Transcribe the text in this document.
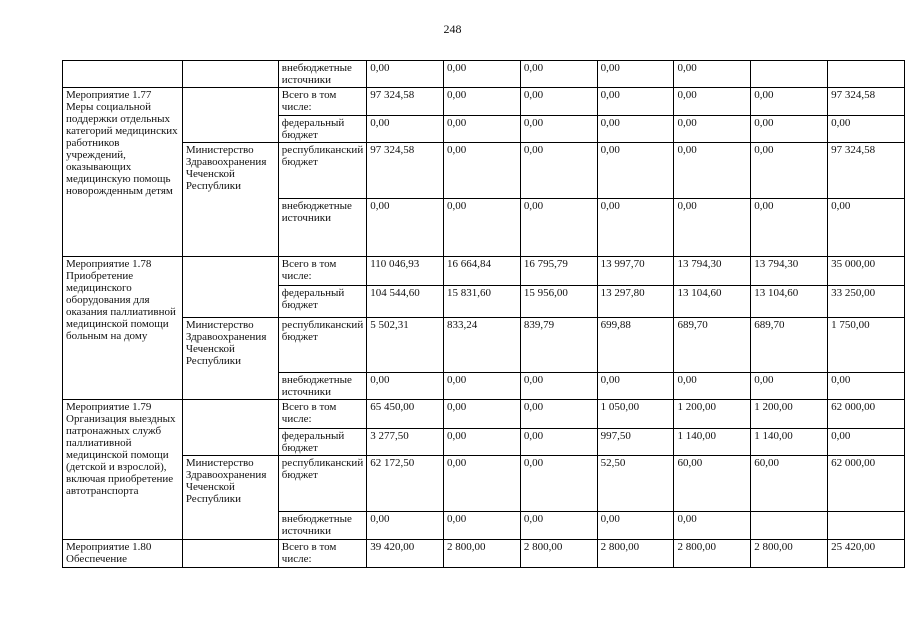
248
		внебюджетные источники	0,00	0,00	0,00	0,00	0,00		
Мероприятие 1.77 Меры социальной поддержки отдельных категорий медицинских работников учреждений, оказывающих медицинскую помощь новорожденным детям		Всего в том числе:	97 324,58	0,00	0,00	0,00	0,00	0,00	97 324,58
		федеральный бюджет	0,00	0,00	0,00	0,00	0,00	0,00	0,00
	Министерство Здравоохранения Чеченской Республики	республиканский бюджет	97 324,58	0,00	0,00	0,00	0,00	0,00	97 324,58
		внебюджетные источники	0,00	0,00	0,00	0,00	0,00	0,00	0,00
Мероприятие 1.78 Приобретение медицинского оборудования для оказания паллиативной медицинской помощи больным на дому		Всего в том числе:	110 046,93	16 664,84	16 795,79	13 997,70	13 794,30	13 794,30	35 000,00
		федеральный бюджет	104 544,60	15 831,60	15 956,00	13 297,80	13 104,60	13 104,60	33 250,00
	Министерство Здравоохранения Чеченской Республики	республиканский бюджет	5 502,31	833,24	839,79	699,88	689,70	689,70	1 750,00
		внебюджетные источники	0,00	0,00	0,00	0,00	0,00	0,00	0,00
Мероприятие 1.79 Организация выездных патронажных служб паллиативной медицинской помощи (детской и взрослой), включая приобретение автотранспорта		Всего в том числе:	65 450,00	0,00	0,00	1 050,00	1 200,00	1 200,00	62 000,00
		федеральный бюджет	3 277,50	0,00	0,00	997,50	1 140,00	1 140,00	0,00
	Министерство Здравоохранения Чеченской Республики	республиканский бюджет	62 172,50	0,00	0,00	52,50	60,00	60,00	62 000,00
		внебюджетные источники	0,00	0,00	0,00	0,00	0,00		
Мероприятие 1.80 Обеспечение		Всего в том числе:	39 420,00	2 800,00	2 800,00	2 800,00	2 800,00	2 800,00	25 420,00
